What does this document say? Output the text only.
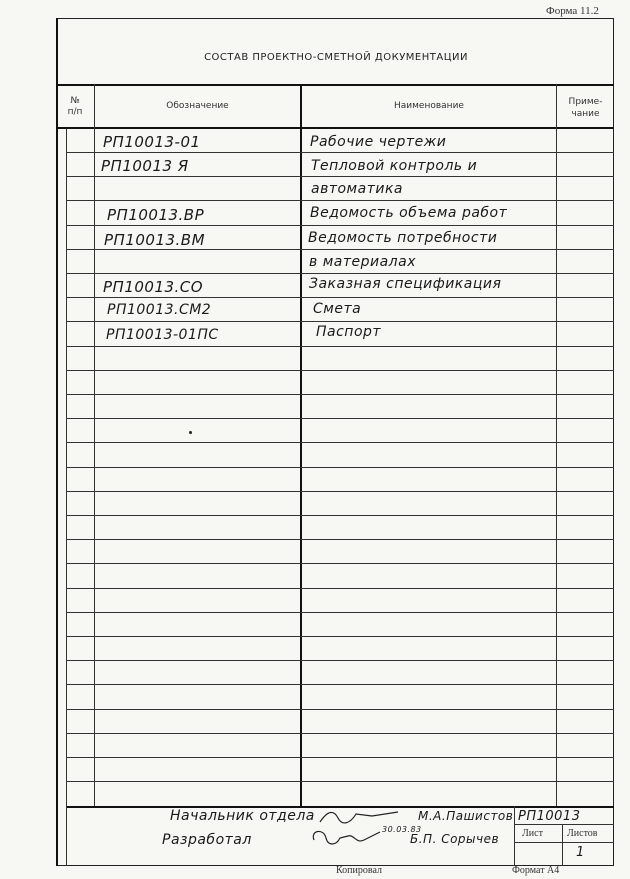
Форма 11.2
СОСТАВ ПРОЕКТНО-СМЕТНОЙ ДОКУМЕНТАЦИИ
№
п/п
Обозначение	Наименование	Приме-
чание
РП10013-01	Рабочие чертежи
РП10013 Я	Тепловой контроль и
автоматика
РП10013.ВР	Ведомость объема работ
РП10013.ВМ	Ведомость потребности
в материалах
РП10013.СО	Заказная спецификация
РП10013.СМ2	Смета
РП10013-01ПС	Паспорт
Начальник отдела	М.А.Пашистов
Разработал
30.03.83
Б.П. Сорычев
РП10013
Лист Листов
1
Копировал	Формат А4
